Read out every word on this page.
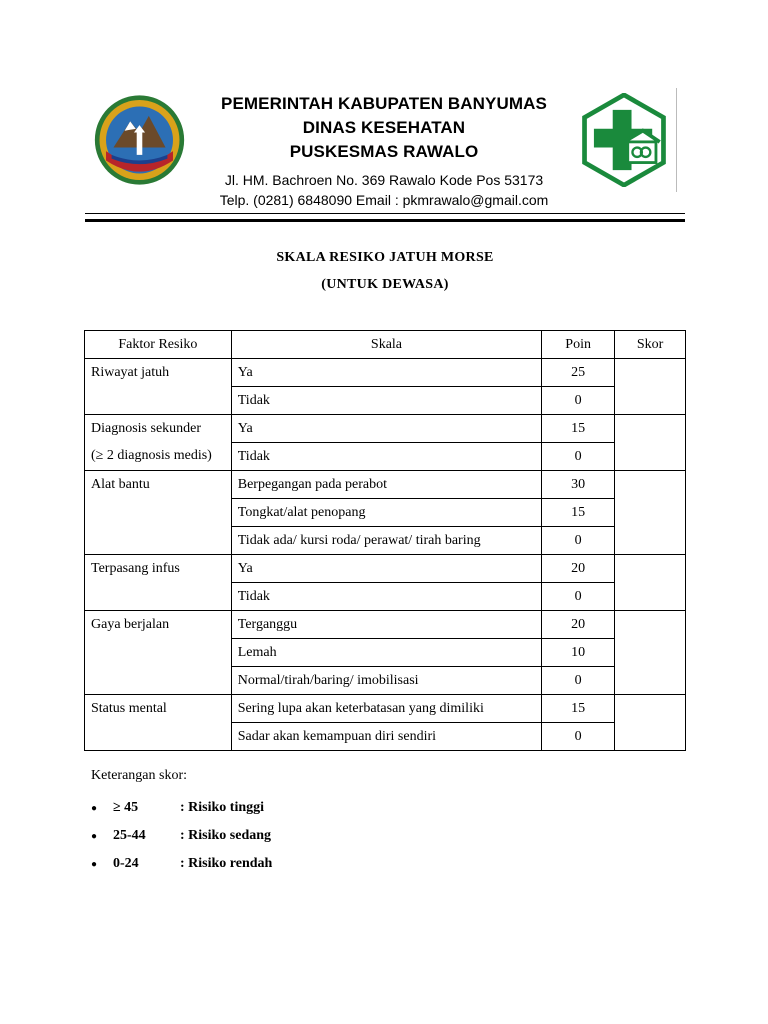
PEMERINTAH KABUPATEN BANYUMAS
DINAS KESEHATAN
PUSKESMAS RAWALO
Jl. HM. Bachroen No. 369 Rawalo Kode Pos 53173
Telp. (0281) 6848090 Email : pkmrawalo@gmail.com
SKALA RESIKO JATUH MORSE
(UNTUK DEWASA)
Faktor Resiko	Skala	Poin	Skor

Riwayat jatuh	Ya	25	
	Tidak	0	

Diagnosis sekunder
(≥ 2 diagnosis medis)	Ya	15	
	Tidak	0	

Alat bantu	Berpegangan pada perabot	30	
	Tongkat/alat penopang	15	
	Tidak ada/ kursi roda/ perawat/ tirah baring	0	

Terpasang infus	Ya	20	
	Tidak	0	

Gaya berjalan	Terganggu	20	
	Lemah	10	
	Normal/tirah/baring/ imobilisasi	0	

Status mental	Sering lupa akan keterbatasan yang dimiliki	15	
	Sadar akan kemampuan diri sendiri	0	
Keterangan skor:
●	≥ 45	: Risiko tinggi
●	25-44	: Risiko sedang
●	0-24	: Risiko rendah
